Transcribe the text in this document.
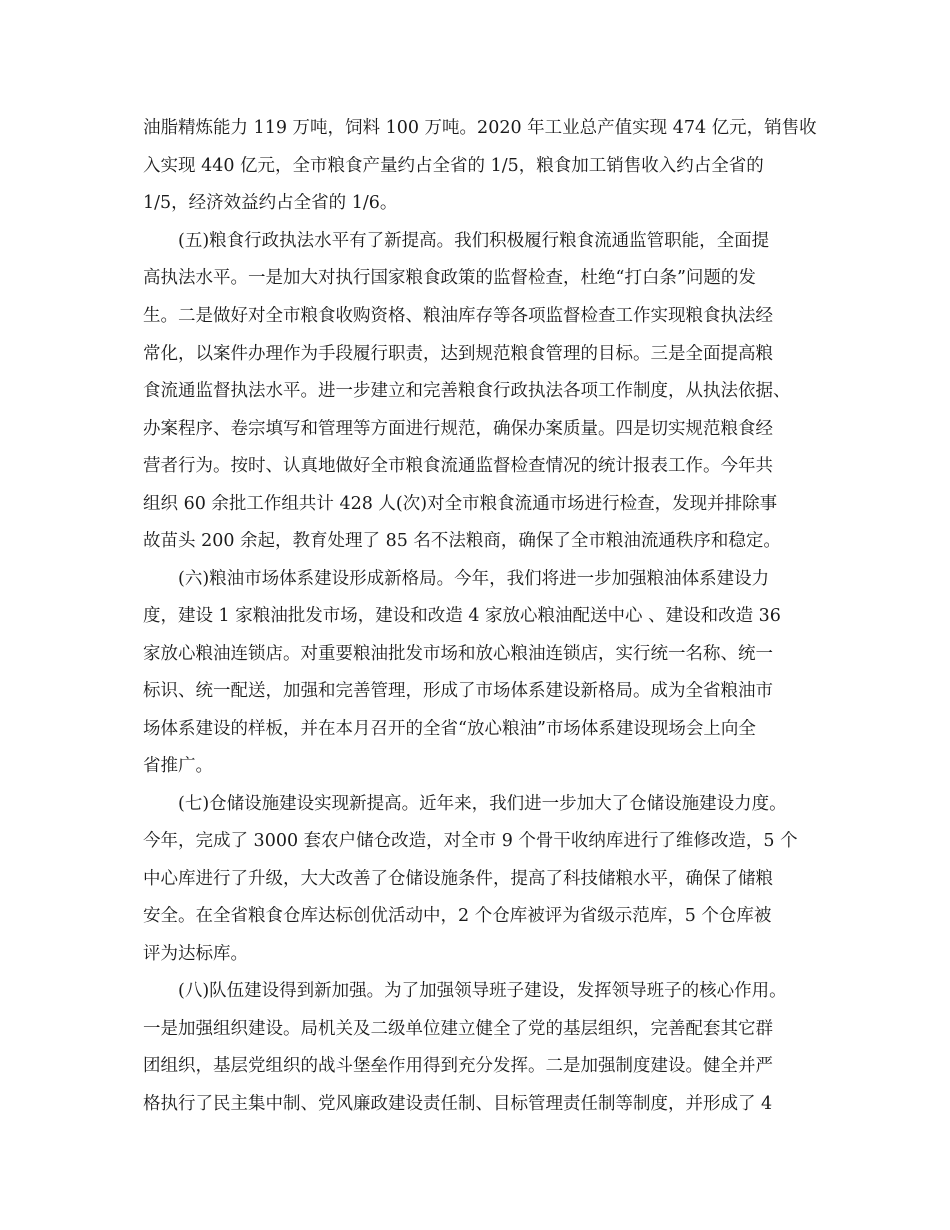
油脂精炼能力 119 万吨，饲料 100 万吨。2020 年工业总产值实现 474 亿元，销售收
入实现 440 亿元，全市粮食产量约占全省的 1/5，粮食加工销售收入约占全省的
1/5，经济效益约占全省的 1/6。
(五)粮食行政执法水平有了新提高。我们积极履行粮食流通监管职能，全面提
高执法水平。一是加大对执行国家粮食政策的监督检查，杜绝“打白条”问题的发
生。二是做好对全市粮食收购资格、粮油库存等各项监督检查工作实现粮食执法经
常化，以案件办理作为手段履行职责，达到规范粮食管理的目标。三是全面提高粮
食流通监督执法水平。进一步建立和完善粮食行政执法各项工作制度，从执法依据、
办案程序、卷宗填写和管理等方面进行规范，确保办案质量。四是切实规范粮食经
营者行为。按时、认真地做好全市粮食流通监督检查情况的统计报表工作。今年共
组织 60 余批工作组共计 428 人(次)对全市粮食流通市场进行检查，发现并排除事
故苗头 200 余起，教育处理了 85 名不法粮商，确保了全市粮油流通秩序和稳定。
(六)粮油市场体系建设形成新格局。今年，我们将进一步加强粮油体系建设力
度，建设 1 家粮油批发市场，建设和改造 4 家放心粮油配送中心 、建设和改造 36
家放心粮油连锁店。对重要粮油批发市场和放心粮油连锁店，实行统一名称、统一
标识、统一配送，加强和完善管理，形成了市场体系建设新格局。成为全省粮油市
场体系建设的样板，并在本月召开的全省“放心粮油”市场体系建设现场会上向全
省推广。
(七)仓储设施建设实现新提高。近年来，我们进一步加大了仓储设施建设力度。
今年，完成了 3000 套农户储仓改造，对全市 9 个骨干收纳库进行了维修改造，5 个
中心库进行了升级，大大改善了仓储设施条件，提高了科技储粮水平，确保了储粮
安全。在全省粮食仓库达标创优活动中，2 个仓库被评为省级示范库，5 个仓库被
评为达标库。
(八)队伍建设得到新加强。为了加强领导班子建设，发挥领导班子的核心作用。
一是加强组织建设。局机关及二级单位建立健全了党的基层组织，完善配套其它群
团组织，基层党组织的战斗堡垒作用得到充分发挥。二是加强制度建设。健全并严
格执行了民主集中制、党风廉政建设责任制、目标管理责任制等制度，并形成了 4
